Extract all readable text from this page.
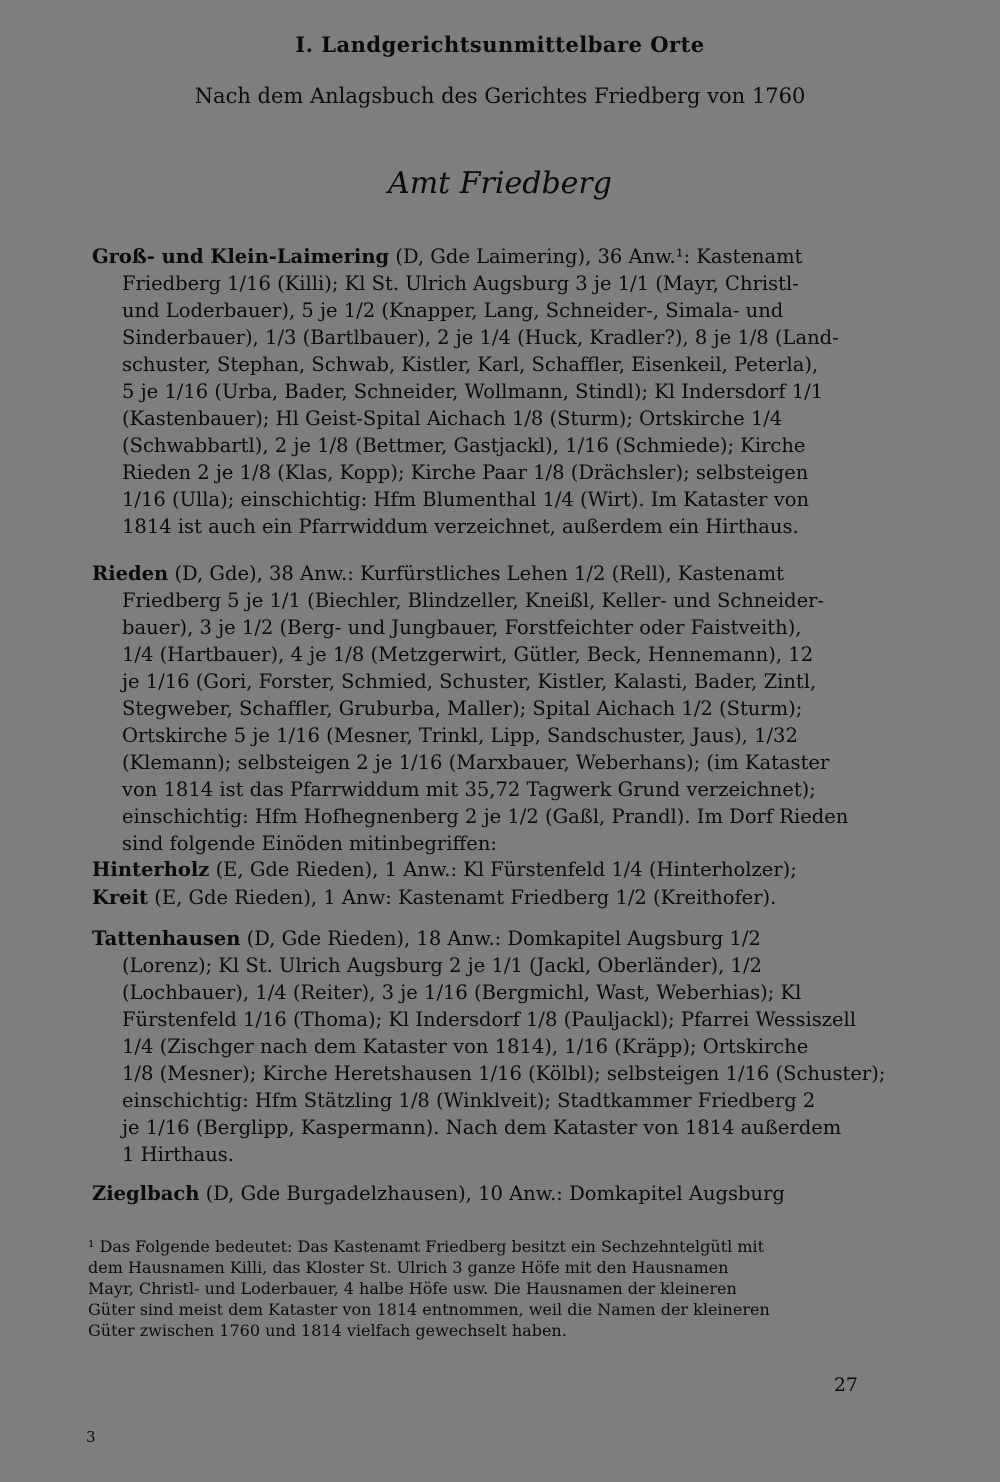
I. Landgerichtsunmittelbare Orte
Nach dem Anlagsbuch des Gerichtes Friedberg von 1760
Amt Friedberg
Groß- und Klein-Laimering (D, Gde Laimering), 36 Anw.¹: Kastenamt
Friedberg 1/16 (Killi); Kl St. Ulrich Augsburg 3 je 1/1 (Mayr, Christl-
und Loderbauer), 5 je 1/2 (Knapper, Lang, Schneider-, Simala- und
Sinderbauer), 1/3 (Bartlbauer), 2 je 1/4 (Huck, Kradler?), 8 je 1/8 (Land-
schuster, Stephan, Schwab, Kistler, Karl, Schaffler, Eisenkeil, Peterla),
5 je 1/16 (Urba, Bader, Schneider, Wollmann, Stindl); Kl Indersdorf 1/1
(Kastenbauer); Hl Geist-Spital Aichach 1/8 (Sturm); Ortskirche 1/4
(Schwabbartl), 2 je 1/8 (Bettmer, Gastjackl), 1/16 (Schmiede); Kirche
Rieden 2 je 1/8 (Klas, Kopp); Kirche Paar 1/8 (Drächsler); selbsteigen
1/16 (Ulla); einschichtig: Hfm Blumenthal 1/4 (Wirt). Im Kataster von
1814 ist auch ein Pfarrwiddum verzeichnet, außerdem ein Hirthaus.
Rieden (D, Gde), 38 Anw.: Kurfürstliches Lehen 1/2 (Rell), Kastenamt
Friedberg 5 je 1/1 (Biechler, Blindzeller, Kneißl, Keller- und Schneider-
bauer), 3 je 1/2 (Berg- und Jungbauer, Forstfeichter oder Faistveith),
1/4 (Hartbauer), 4 je 1/8 (Metzgerwirt, Gütler, Beck, Hennemann), 12
je 1/16 (Gori, Forster, Schmied, Schuster, Kistler, Kalasti, Bader, Zintl,
Stegweber, Schaffler, Gruburba, Maller); Spital Aichach 1/2 (Sturm);
Ortskirche 5 je 1/16 (Mesner, Trinkl, Lipp, Sandschuster, Jaus), 1/32
(Klemann); selbsteigen 2 je 1/16 (Marxbauer, Weberhans); (im Kataster
von 1814 ist das Pfarrwiddum mit 35,72 Tagwerk Grund verzeichnet);
einschichtig: Hfm Hofhegnenberg 2 je 1/2 (Gaßl, Prandl). Im Dorf Rieden
sind folgende Einöden mitinbegriffen:
Hinterholz (E, Gde Rieden), 1 Anw.: Kl Fürstenfeld 1/4 (Hinterholzer);
Kreit (E, Gde Rieden), 1 Anw: Kastenamt Friedberg 1/2 (Kreithofer).
Tattenhausen (D, Gde Rieden), 18 Anw.: Domkapitel Augsburg 1/2
(Lorenz); Kl St. Ulrich Augsburg 2 je 1/1 (Jackl, Oberländer), 1/2
(Lochbauer), 1/4 (Reiter), 3 je 1/16 (Bergmichl, Wast, Weberhias); Kl
Fürstenfeld 1/16 (Thoma); Kl Indersdorf 1/8 (Pauljackl); Pfarrei Wessiszell
1/4 (Zischger nach dem Kataster von 1814), 1/16 (Kräpp); Ortskirche
1/8 (Mesner); Kirche Heretshausen 1/16 (Kölbl); selbsteigen 1/16 (Schuster);
einschichtig: Hfm Stätzling 1/8 (Winklveit); Stadtkammer Friedberg 2
je 1/16 (Berglipp, Kaspermann). Nach dem Kataster von 1814 außerdem
1 Hirthaus.
Zieglbach (D, Gde Burgadelzhausen), 10 Anw.: Domkapitel Augsburg
¹ Das Folgende bedeutet: Das Kastenamt Friedberg besitzt ein Sechzehntelgütl mit
dem Hausnamen Killi, das Kloster St. Ulrich 3 ganze Höfe mit den Hausnamen
Mayr, Christl- und Loderbauer, 4 halbe Höfe usw. Die Hausnamen der kleineren
Güter sind meist dem Kataster von 1814 entnommen, weil die Namen der kleineren
Güter zwischen 1760 und 1814 vielfach gewechselt haben.
27
3
